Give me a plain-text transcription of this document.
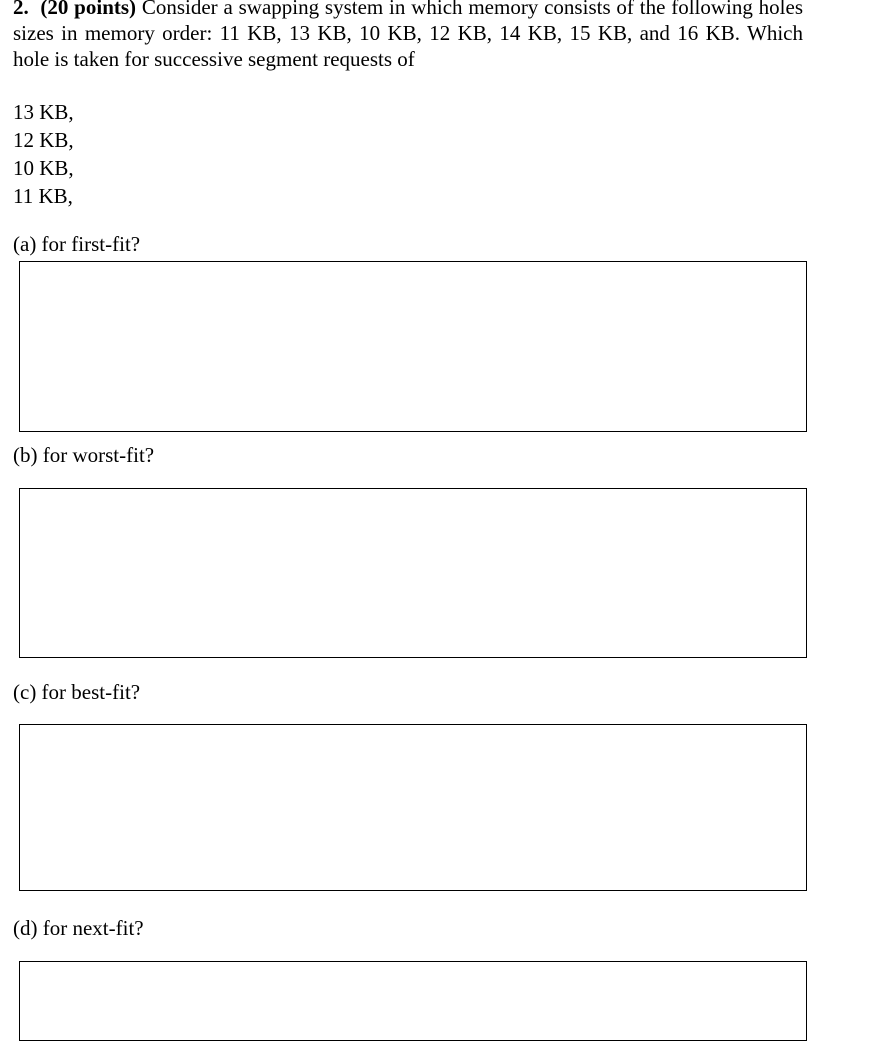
2. (20 points) Consider a swapping system in which memory consists of the following holes sizes in memory order: 11 KB, 13 KB, 10 KB, 12 KB, 14 KB, 15 KB, and 16 KB. Which hole is taken for successive segment requests of

13 KB,
12 KB,
10 KB,
11 KB,

(a) for first-fit?

(b) for worst-fit?

(c) for best-fit?

(d) for next-fit?
